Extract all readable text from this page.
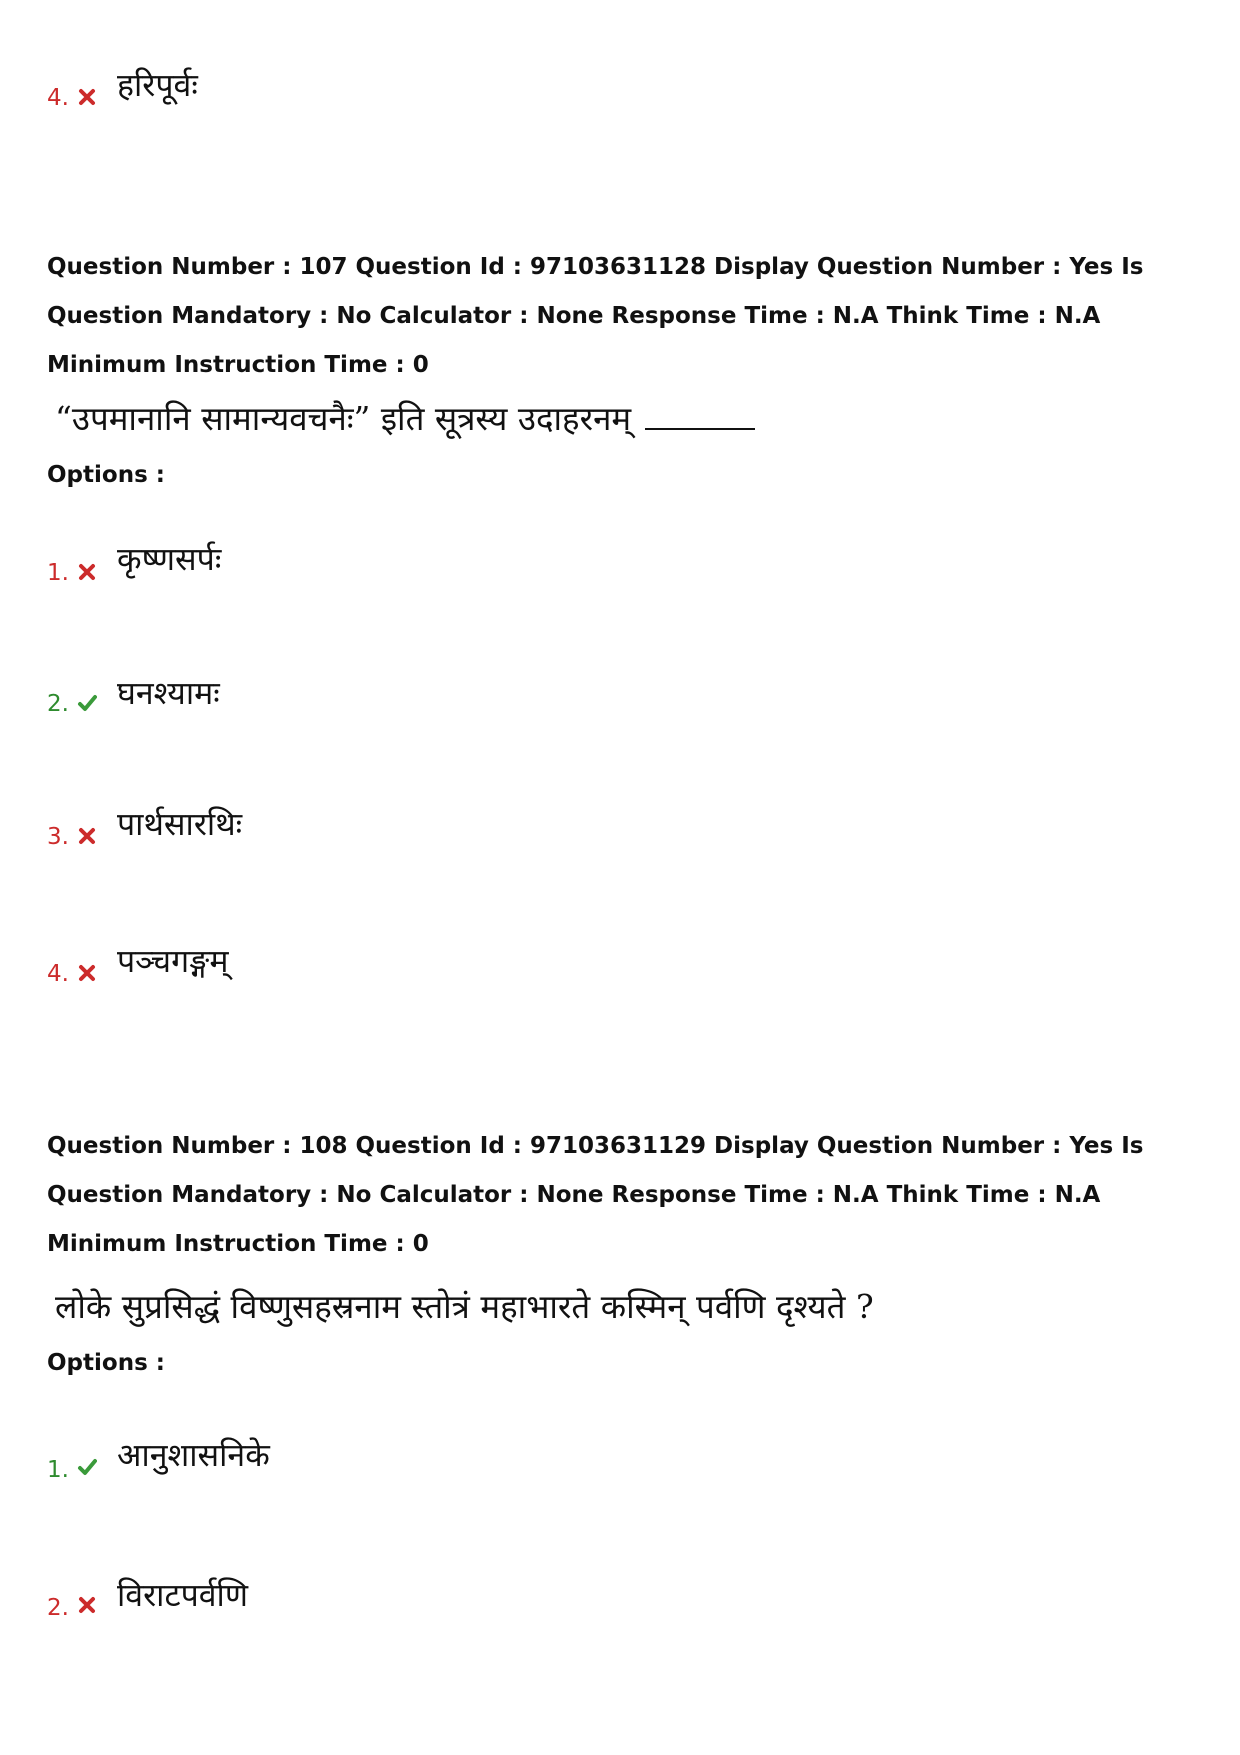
4. हरिपूर्वः
Question Number : 107 Question Id : 97103631128 Display Question Number : Yes Is Question Mandatory : No Calculator : None Response Time : N.A Think Time : N.A Minimum Instruction Time : 0
“उपमानानि सामान्यवचनैः” इति सूत्रस्य उदाहरनम्
Options :
1. कृष्णसर्पः
2. घनश्यामः
3. पार्थसारथिः
4. पञ्चगङ्गम्
Question Number : 108 Question Id : 97103631129 Display Question Number : Yes Is Question Mandatory : No Calculator : None Response Time : N.A Think Time : N.A Minimum Instruction Time : 0
लोके सुप्रसिद्धं विष्णुसहस्रनाम स्तोत्रं महाभारते कस्मिन् पर्वणि दृश्यते ?
Options :
1. आनुशासनिके
2. विराटपर्वणि
